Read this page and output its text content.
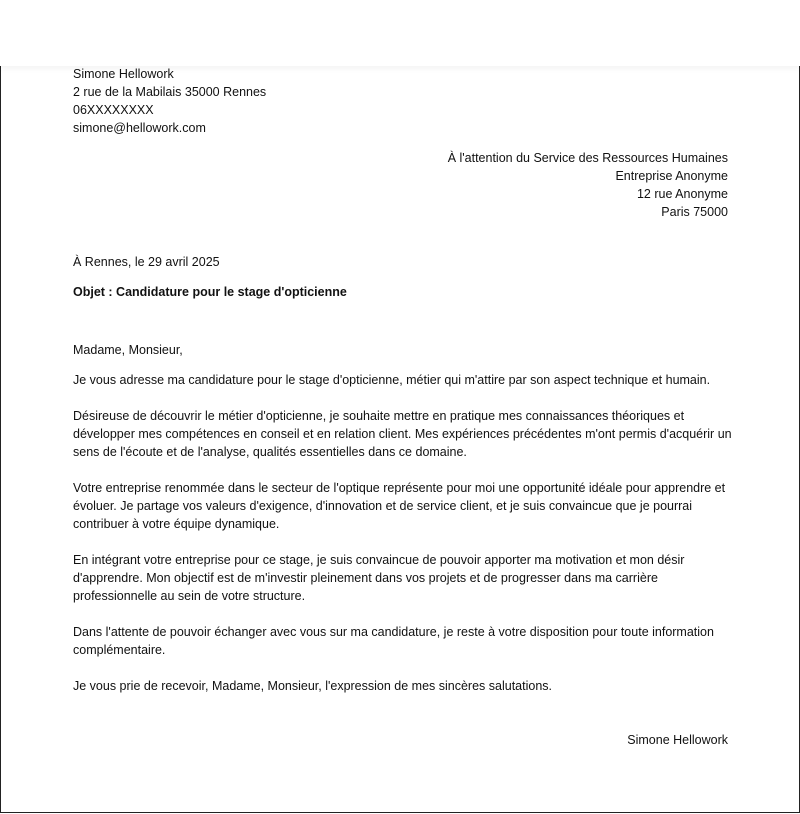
Simone Hellowork
2 rue de la Mabilais 35000 Rennes
06XXXXXXXX
simone@hellowork.com
À l'attention du Service des Ressources Humaines
Entreprise Anonyme
12 rue Anonyme
Paris 75000
À Rennes, le 29 avril 2025
Objet : Candidature pour le stage d'opticienne
Madame, Monsieur,

Je vous adresse ma candidature pour le stage d'opticienne, métier qui m'attire par son aspect technique et humain.

Désireuse de découvrir le métier d'opticienne, je souhaite mettre en pratique mes connaissances théoriques et développer mes compétences en conseil et en relation client. Mes expériences précédentes m'ont permis d'acquérir un sens de l'écoute et de l'analyse, qualités essentielles dans ce domaine.

Votre entreprise renommée dans le secteur de l'optique représente pour moi une opportunité idéale pour apprendre et évoluer. Je partage vos valeurs d'exigence, d'innovation et de service client, et je suis convaincue que je pourrai contribuer à votre équipe dynamique.

En intégrant votre entreprise pour ce stage, je suis convaincue de pouvoir apporter ma motivation et mon désir d'apprendre. Mon objectif est de m'investir pleinement dans vos projets et de progresser dans ma carrière professionnelle au sein de votre structure.

Dans l'attente de pouvoir échanger avec vous sur ma candidature, je reste à votre disposition pour toute information complémentaire.

Je vous prie de recevoir, Madame, Monsieur, l'expression de mes sincères salutations.

Simone Hellowork
